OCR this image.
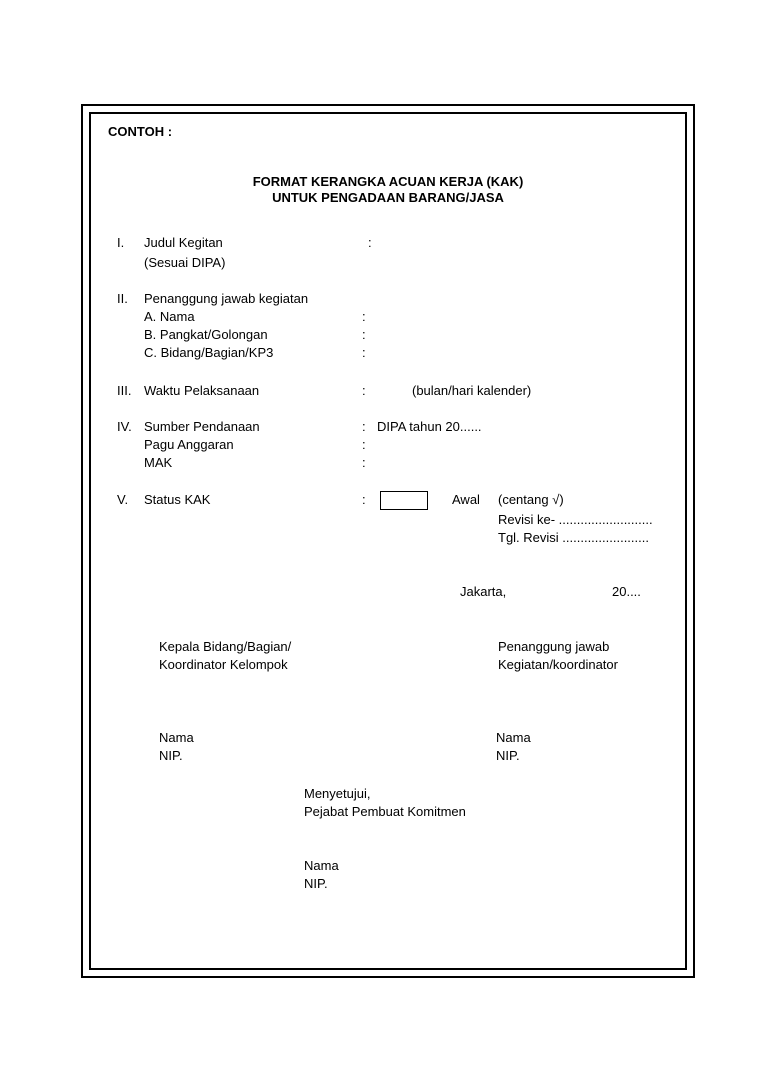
CONTOH :
FORMAT KERANGKA ACUAN KERJA (KAK)
UNTUK PENGADAAN BARANG/JASA
I. Judul Kegitan	:
(Sesuai DIPA)
II. Penanggung jawab kegiatan
A. Nama	:
B. Pangkat/Golongan	:
C. Bidang/Bagian/KP3	:
III. Waktu Pelaksanaan	:	(bulan/hari kalender)
IV. Sumber Pendanaan	: DIPA tahun 20......
Pagu Anggaran	:
MAK	:
V. Status KAK	:	Awal (centang √)
Revisi ke- ..........................
Tgl. Revisi ........................
Jakarta,	20....
Kepala Bidang/Bagian/
Koordinator Kelompok
Penanggung jawab
Kegiatan/koordinator
Nama
NIP.
Nama
NIP.
Menyetujui,
Pejabat Pembuat Komitmen
Nama
NIP.
